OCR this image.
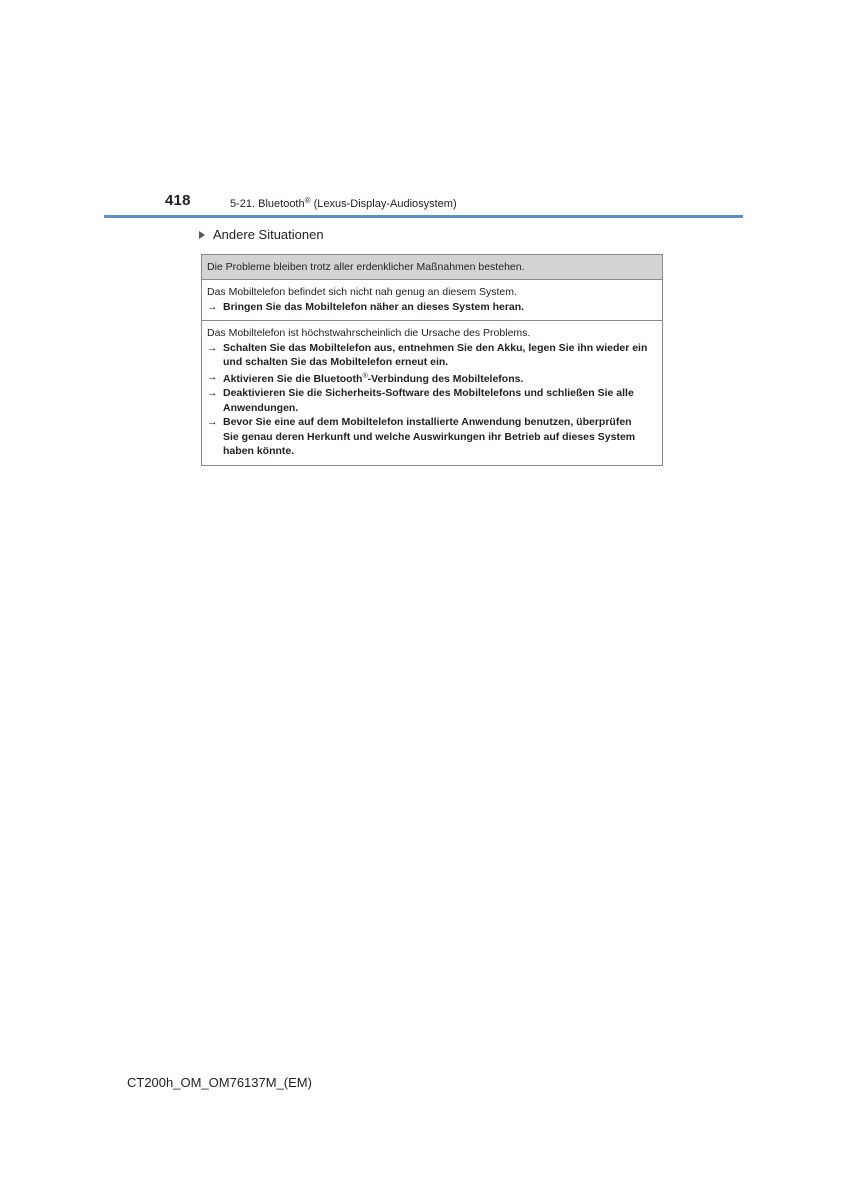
418	5-21. Bluetooth® (Lexus-Display-Audiosystem)
Andere Situationen
Die Probleme bleiben trotz aller erdenklicher Maßnahmen bestehen.
Das Mobiltelefon befindet sich nicht nah genug an diesem System.
→ Bringen Sie das Mobiltelefon näher an dieses System heran.
Das Mobiltelefon ist höchstwahrscheinlich die Ursache des Problems.
→ Schalten Sie das Mobiltelefon aus, entnehmen Sie den Akku, legen Sie ihn wieder ein
und schalten Sie das Mobiltelefon erneut ein.
→ Aktivieren Sie die Bluetooth®-Verbindung des Mobiltelefons.
→ Deaktivieren Sie die Sicherheits-Software des Mobiltelefons und schließen Sie alle
Anwendungen.
→ Bevor Sie eine auf dem Mobiltelefon installierte Anwendung benutzen, überprüfen
Sie genau deren Herkunft und welche Auswirkungen ihr Betrieb auf dieses System
haben könnte.
CT200h_OM_OM76137M_(EM)
